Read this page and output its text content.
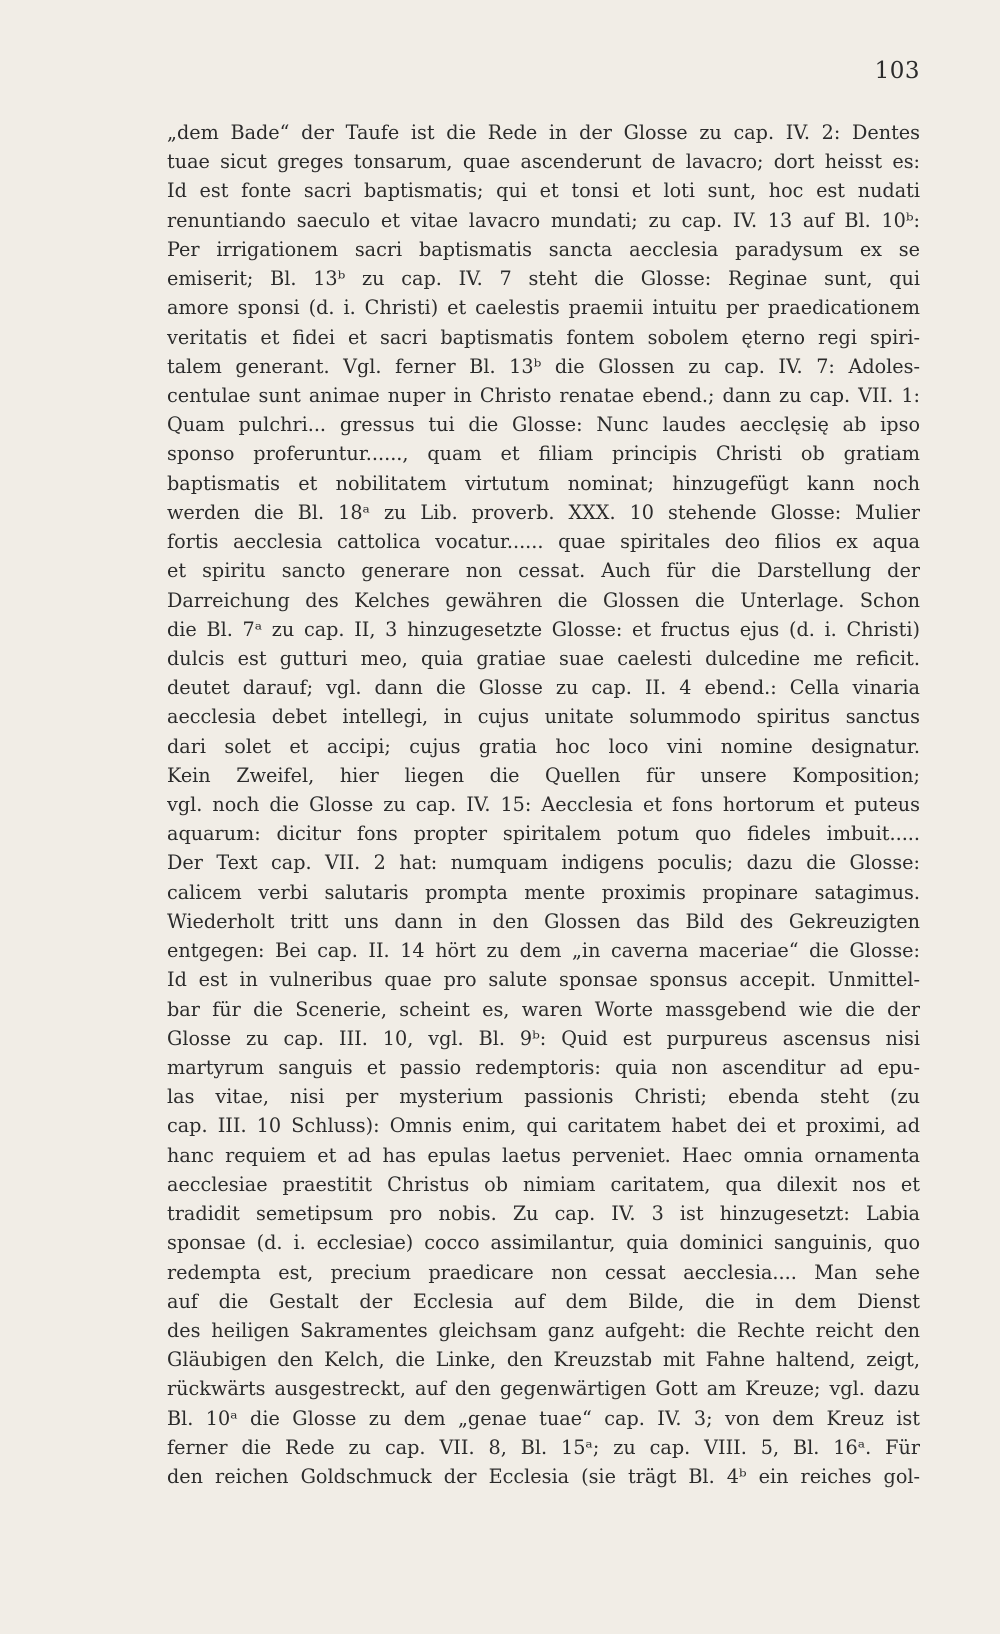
103
„dem Bade“ der Taufe ist die Rede in der Glosse zu cap. IV. 2: Dentes
tuae sicut greges tonsarum, quae ascenderunt de lavacro; dort heisst es:
Id est fonte sacri baptismatis; qui et tonsi et loti sunt, hoc est nudati
renuntiando saeculo et vitae lavacro mundati; zu cap. IV. 13 auf Bl. 10ᵇ:
Per irrigationem sacri baptismatis sancta aecclesia paradysum ex se
emiserit; Bl. 13ᵇ zu cap. IV. 7 steht die Glosse: Reginae sunt, qui
amore sponsi (d. i. Christi) et caelestis praemii intuitu per praedicationem
veritatis et fidei et sacri baptismatis fontem sobolem ęterno regi spiri-
talem generant. Vgl. ferner Bl. 13ᵇ die Glossen zu cap. IV. 7: Adoles-
centulae sunt animae nuper in Christo renatae ebend.; dann zu cap. VII. 1:
Quam pulchri... gressus tui die Glosse: Nunc laudes aecclęsię ab ipso
sponso proferuntur......, quam et filiam principis Christi ob gratiam
baptismatis et nobilitatem virtutum nominat; hinzugefügt kann noch
werden die Bl. 18ᵃ zu Lib. proverb. XXX. 10 stehende Glosse: Mulier
fortis aecclesia cattolica vocatur...... quae spiritales deo filios ex aqua
et spiritu sancto generare non cessat. Auch für die Darstellung der
Darreichung des Kelches gewähren die Glossen die Unterlage. Schon
die Bl. 7ᵃ zu cap. II, 3 hinzugesetzte Glosse: et fructus ejus (d. i. Christi)
dulcis est gutturi meo, quia gratiae suae caelesti dulcedine me reficit.
deutet darauf; vgl. dann die Glosse zu cap. II. 4 ebend.: Cella vinaria
aecclesia debet intellegi, in cujus unitate solummodo spiritus sanctus
dari solet et accipi; cujus gratia hoc loco vini nomine designatur.
Kein Zweifel, hier liegen die Quellen für unsere Komposition;
vgl. noch die Glosse zu cap. IV. 15: Aecclesia et fons hortorum et puteus
aquarum: dicitur fons propter spiritalem potum quo fideles imbuit.....
Der Text cap. VII. 2 hat: numquam indigens poculis; dazu die Glosse:
calicem verbi salutaris prompta mente proximis propinare satagimus.
Wiederholt tritt uns dann in den Glossen das Bild des Gekreuzigten
entgegen: Bei cap. II. 14 hört zu dem „in caverna maceriae“ die Glosse:
Id est in vulneribus quae pro salute sponsae sponsus accepit. Unmittel-
bar für die Scenerie, scheint es, waren Worte massgebend wie die der
Glosse zu cap. III. 10, vgl. Bl. 9ᵇ: Quid est purpureus ascensus nisi
martyrum sanguis et passio redemptoris: quia non ascenditur ad epu-
las vitae, nisi per mysterium passionis Christi; ebenda steht (zu
cap. III. 10 Schluss): Omnis enim, qui caritatem habet dei et proximi, ad
hanc requiem et ad has epulas laetus perveniet. Haec omnia ornamenta
aecclesiae praestitit Christus ob nimiam caritatem, qua dilexit nos et
tradidit semetipsum pro nobis. Zu cap. IV. 3 ist hinzugesetzt: Labia
sponsae (d. i. ecclesiae) cocco assimilantur, quia dominici sanguinis, quo
redempta est, precium praedicare non cessat aecclesia.... Man sehe
auf die Gestalt der Ecclesia auf dem Bilde, die in dem Dienst
des heiligen Sakramentes gleichsam ganz aufgeht: die Rechte reicht den
Gläubigen den Kelch, die Linke, den Kreuzstab mit Fahne haltend, zeigt,
rückwärts ausgestreckt, auf den gegenwärtigen Gott am Kreuze; vgl. dazu
Bl. 10ᵃ die Glosse zu dem „genae tuae“ cap. IV. 3; von dem Kreuz ist
ferner die Rede zu cap. VII. 8, Bl. 15ᵃ; zu cap. VIII. 5, Bl. 16ᵃ. Für
den reichen Goldschmuck der Ecclesia (sie trägt Bl. 4ᵇ ein reiches gol-
